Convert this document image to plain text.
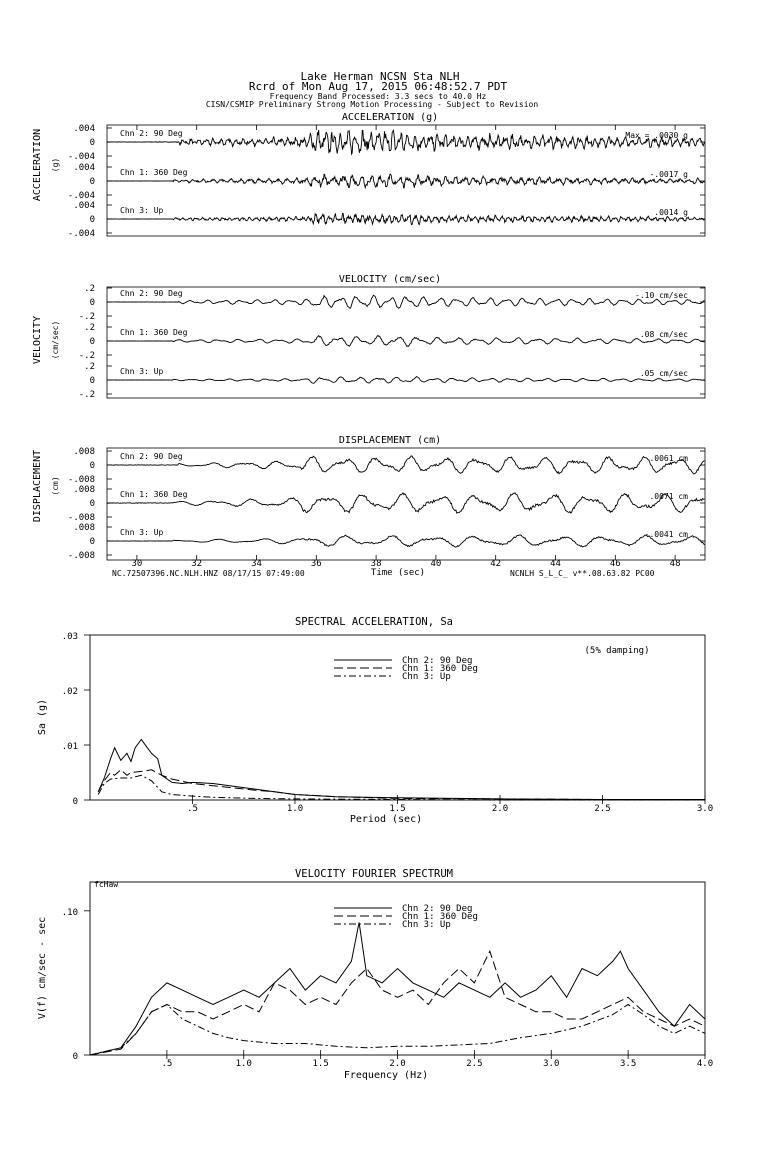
Lake Herman NCSN Sta NLH
Rcrd of Mon Aug 17, 2015 06:48:52.7 PDT
Frequency Band Processed: 3.3 secs to 40.0 Hz
CISN/CSMIP Preliminary Strong Motion Processing - Subject to Revision
ACCELERATION (g)
ACCELERATION (g)
.004
0
-.004
Chn 2: 90 Deg	Max = .0030 g
.004
0
-.004
Chn 1: 360 Deg	-.0017 g
.004
0
-.004
Chn 3: Up	.0014 g
VELOCITY (cm/sec)
VELOCITY (cm/sec)
.2
0
-.2
Chn 2: 90 Deg	-.10 cm/sec
.2
0
-.2
Chn 1: 360 Deg	.08 cm/sec
.2
0
-.2
Chn 3: Up	.05 cm/sec
DISPLACEMENT (cm)
DISPLACEMENT (cm)
.008
0
-.008
Chn 2: 90 Deg	.0061 cm
.008
0
-.008
Chn 1: 360 Deg	.0071 cm
.008
0
-.008
Chn 3: Up	-.0041 cm
Time (sec)
NC.72507396.NC.NLH.HNZ 08/17/15 07:49:00	NCNLH S_L_C_ v**.08.63.82 PC00
30	32	34	36	38	40	42	44	46	48
SPECTRAL ACCELERATION, Sa
(5% damping)
Period (sec)
Sa (g)
.03
.02
.01
0
.5	1.0	1.5	2.0	2.5	3.0
Chn 2: 90 Deg
Chn 1: 360 Deg
Chn 3: Up
VELOCITY FOURIER SPECTRUM
fcHaw
Frequency (Hz)
V(f) cm/sec - sec
.10
0
.5	1.0	1.5	2.0	2.5	3.0	3.5	4.0
Chn 2: 90 Deg
Chn 1: 360 Deg
Chn 3: Up
